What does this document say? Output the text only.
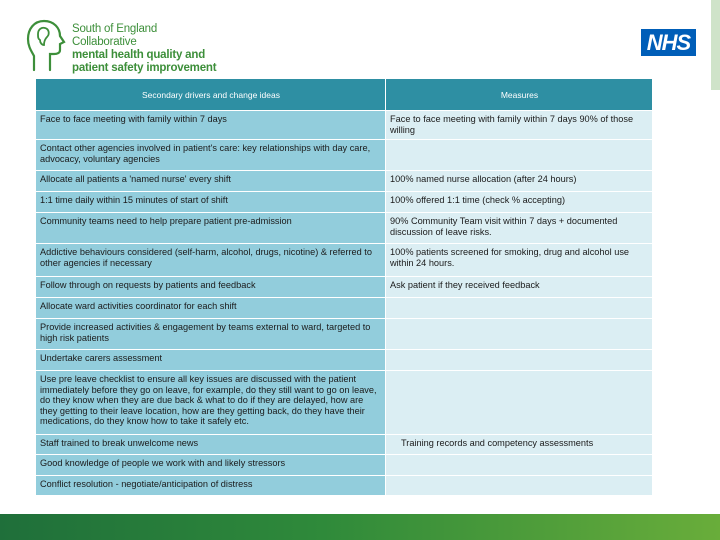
South of England Collaborative
mental health quality and
patient safety improvement
NHS
Secondary drivers and change ideas	Measures
Face to face meeting with family within 7 days	Face to face meeting with family within 7 days 90% of those willing
Contact other agencies involved in patient's care: key relationships with day care, advocacy, voluntary agencies	
Allocate all patients a 'named nurse' every shift	100% named nurse allocation (after 24 hours)
1:1 time daily within 15 minutes of start of shift	100% offered 1:1 time (check % accepting)
Community teams need to help prepare patient pre-admission	90% Community Team visit within 7 days + documented discussion of leave risks.
Addictive behaviours considered (self-harm, alcohol, drugs, nicotine) & referred to other agencies if necessary	100% patients screened for smoking, drug and alcohol use within 24 hours.
Follow through on requests by patients and feedback	Ask patient if they received feedback
Allocate ward activities coordinator for each shift	
Provide increased activities & engagement by teams external to ward, targeted to high risk patients	
Undertake carers assessment	
Use pre leave checklist to ensure all key issues are discussed with the patient immediately before they go on leave, for example, do they still want to go on leave, do they know when they are due back & what to do if they are delayed, how are they getting to their leave location, how are they getting back, do they have their medications, do they know how to take it safely etc.	
Staff trained to break unwelcome news	Training records and competency assessments
Good knowledge of people we work with and likely stressors	
Conflict resolution - negotiate/anticipation of distress	
